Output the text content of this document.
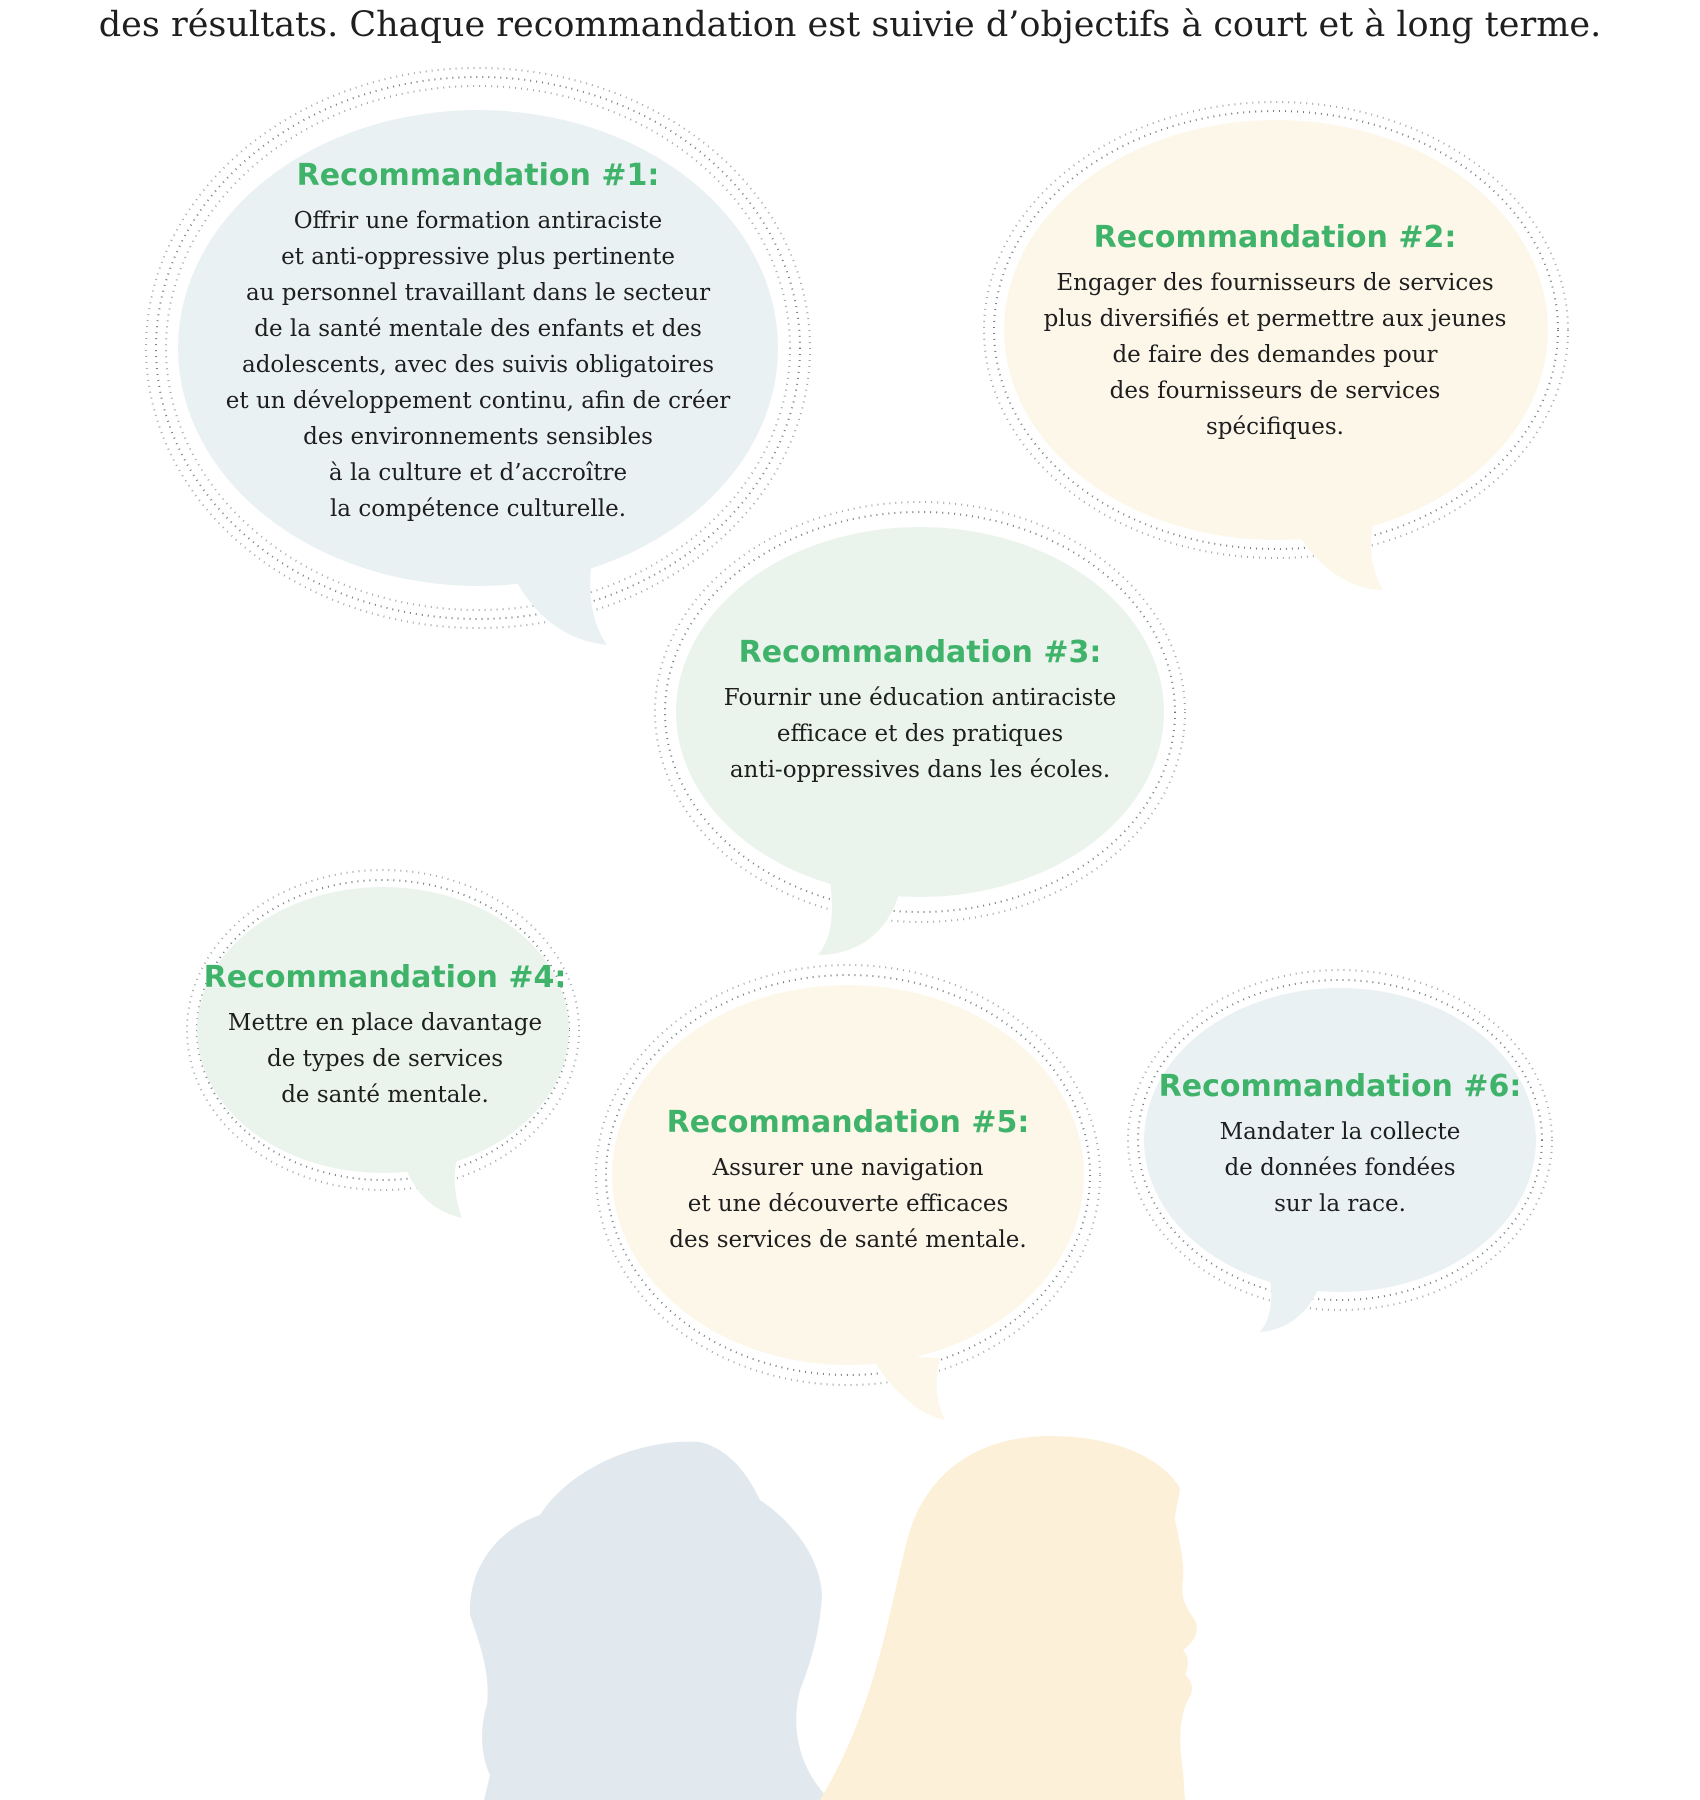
des résultats. Chaque recommandation est suivie d’objectifs à court et à long terme.

Recommandation #1:

Offrir une formation antiraciste
et anti-oppressive plus pertinente
au personnel travaillant dans le secteur
de la santé mentale des enfants et des
adolescents, avec des suivis obligatoires
et un développement continu, afin de créer
des environnements sensibles
à la culture et d’accroître
la compétence culturelle.

Recommandation #2:

Engager des fournisseurs de services
plus diversifiés et permettre aux jeunes
de faire des demandes pour
des fournisseurs de services
spécifiques.

Recommandation #3:

Fournir une éducation antiraciste
efficace et des pratiques
anti-oppressives dans les écoles.

Recommandation #4:

Mettre en place davantage
de types de services
de santé mentale.

Recommandation #5:

Assurer une navigation
et une découverte efficaces
des services de santé mentale.

Recommandation #6:

Mandater la collecte
de données fondées
sur la race.
